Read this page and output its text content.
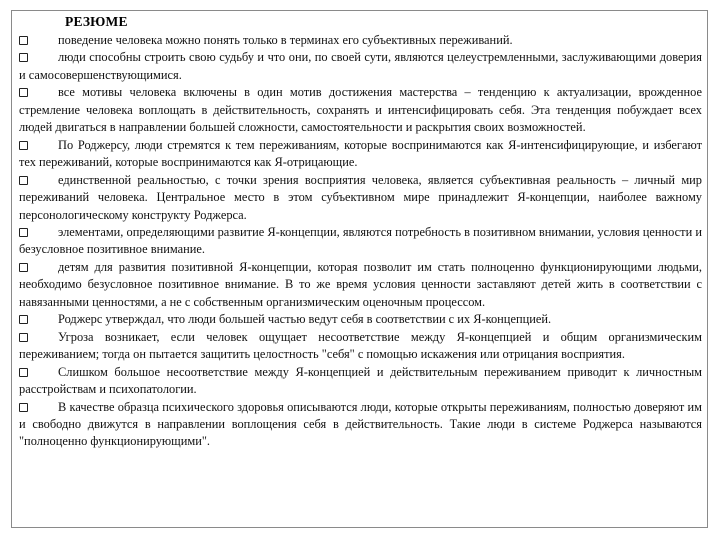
РЕЗЮМЕ

поведение человека можно понять только в терминах его субъективных переживаний.

люди способны строить свою судьбу и что они, по своей сути, являются целеустремленными, заслуживающими доверия и самосовершенствующимися.

все мотивы человека включены в один мотив достижения мастерства – тенденцию к актуализации, врожденное стремление человека воплощать в действительность, сохранять и интенсифицировать себя. Эта тенденция побуждает всех людей двигаться в направлении большей сложности, самостоятельности и раскрытия своих возможностей.

По Роджерсу, люди стремятся к тем переживаниям, которые воспринимаются как Я-интенсифицирующие, и избегают тех переживаний, которые воспринимаются как Я-отрицающие.

единственной реальностью, с точки зрения восприятия человека, является субъективная реальность – личный мир переживаний человека. Центральное место в этом субъективном мире принадлежит Я-концепции, наиболее важному персонологическому конструкту Роджерса.

элементами, определяющими развитие Я-концепции, являются потребность в позитивном внимании, условия ценности и безусловное позитивное внимание.

детям для развития позитивной Я-концепции, которая позволит им стать полноценно функционирующими людьми, необходимо безусловное позитивное внимание. В то же время условия ценности заставляют детей жить в соответствии с навязанными ценностями, а не с собственным организмическим оценочным процессом.

Роджерс утверждал, что люди большей частью ведут себя в соответствии с их Я-концепцией.

Угроза возникает, если человек ощущает несоответствие между Я-концепцией и общим организмическим переживанием; тогда он пытается защитить целостность "себя" с помощью искажения или отрицания восприятия.

Слишком большое несоответствие между Я-концепцией и действительным переживанием приводит к личностным расстройствам и психопатологии.

В качестве образца психического здоровья описываются люди, которые открыты переживаниям, полностью доверяют им и свободно движутся в направлении воплощения себя в действительность. Такие люди в системе Роджерса называются "полноценно функционирующими".
